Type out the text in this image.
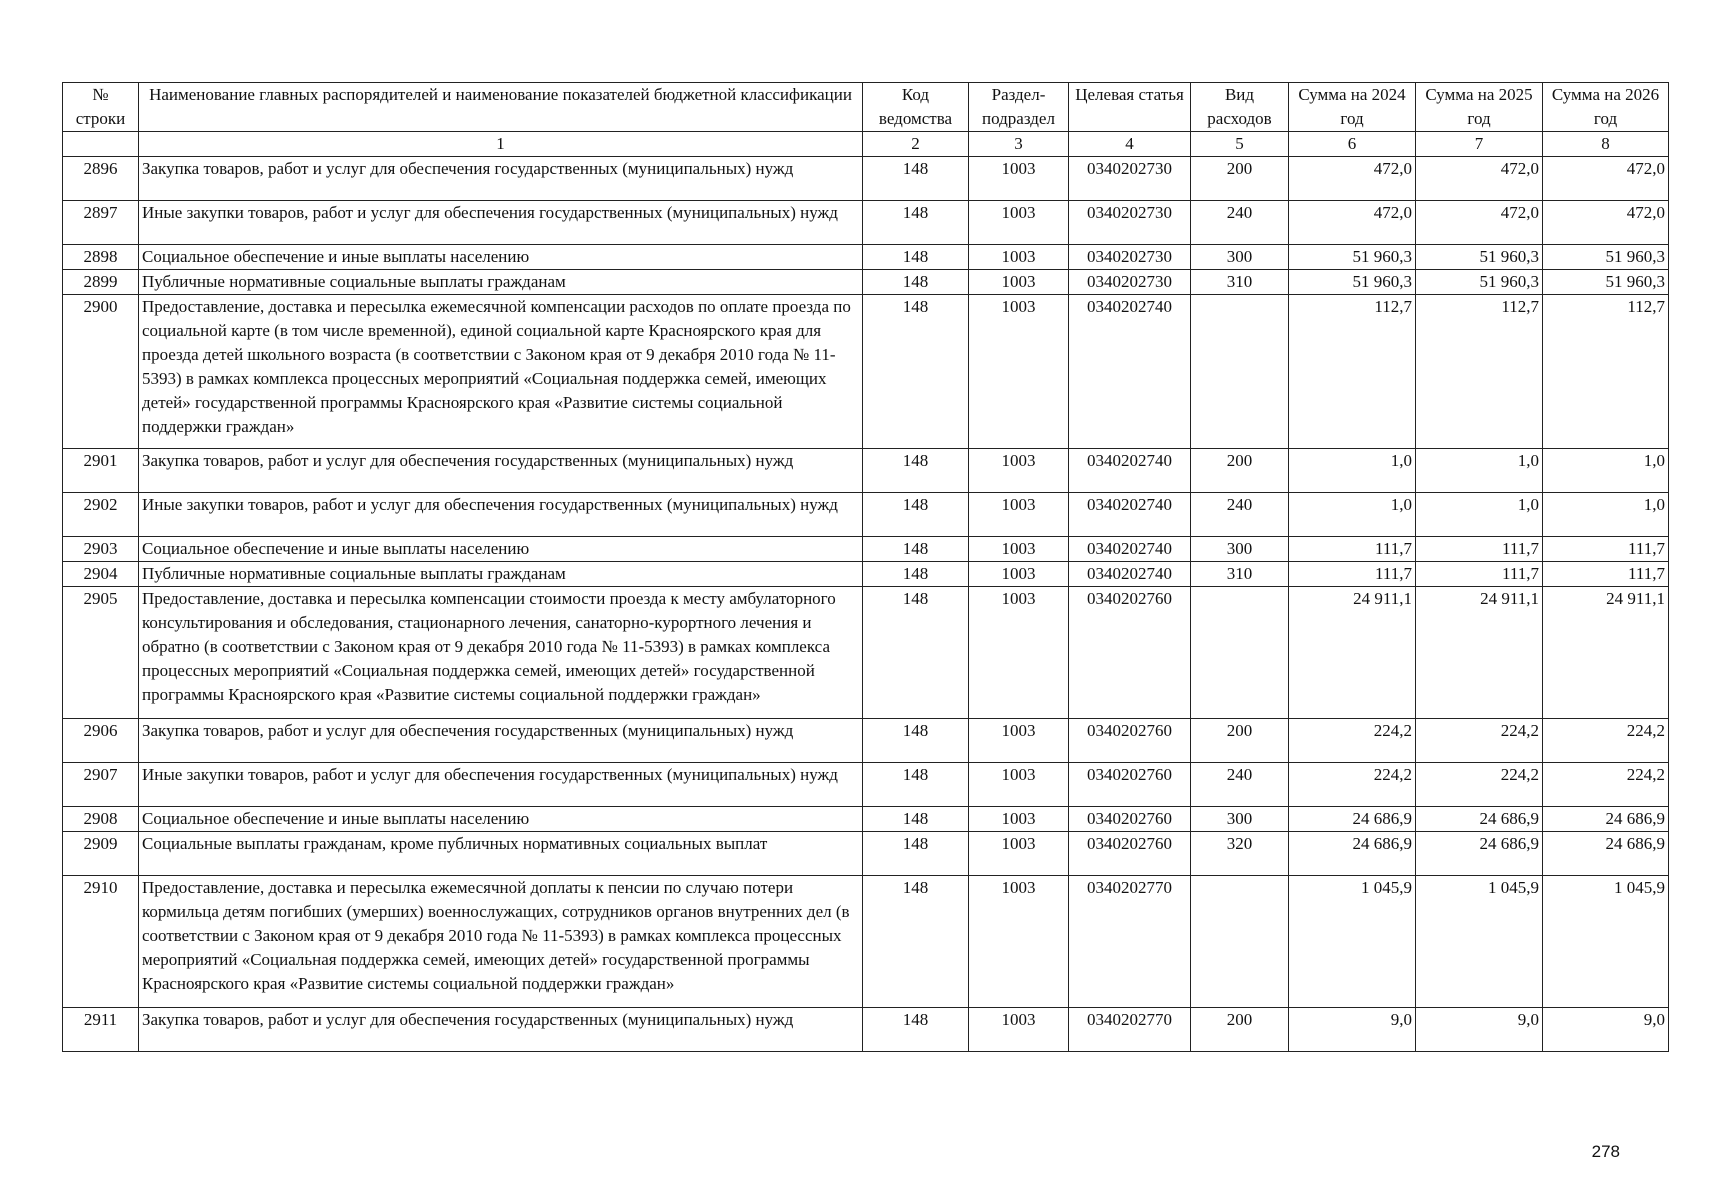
№ строки	Наименование главных распорядителей и наименование показателей бюджетной классификации	Код ведомства	Раздел-подраздел	Целевая статья	Вид расходов	Сумма на 2024 год	Сумма на 2025 год	Сумма на 2026 год
	1	2	3	4	5	6	7	8
2896	Закупка товаров, работ и услуг для обеспечения государственных (муниципальных) нужд	148	1003	0340202730	200	472,0	472,0	472,0
2897	Иные закупки товаров, работ и услуг для обеспечения государственных (муниципальных) нужд	148	1003	0340202730	240	472,0	472,0	472,0
2898	Социальное обеспечение и иные выплаты населению	148	1003	0340202730	300	51 960,3	51 960,3	51 960,3
2899	Публичные нормативные социальные выплаты гражданам	148	1003	0340202730	310	51 960,3	51 960,3	51 960,3
2900	Предоставление, доставка и пересылка ежемесячной компенсации расходов по оплате проезда по социальной карте (в том числе временной), единой социальной карте Красноярского края для проезда детей школьного возраста (в соответствии с Законом края от 9 декабря 2010 года № 11-5393) в рамках комплекса процессных мероприятий «Социальная поддержка семей, имеющих детей» государственной программы Красноярского края «Развитие системы социальной поддержки граждан»	148	1003	0340202740		112,7	112,7	112,7
2901	Закупка товаров, работ и услуг для обеспечения государственных (муниципальных) нужд	148	1003	0340202740	200	1,0	1,0	1,0
2902	Иные закупки товаров, работ и услуг для обеспечения государственных (муниципальных) нужд	148	1003	0340202740	240	1,0	1,0	1,0
2903	Социальное обеспечение и иные выплаты населению	148	1003	0340202740	300	111,7	111,7	111,7
2904	Публичные нормативные социальные выплаты гражданам	148	1003	0340202740	310	111,7	111,7	111,7
2905	Предоставление, доставка и пересылка компенсации стоимости проезда к месту амбулаторного консультирования и обследования, стационарного лечения, санаторно-курортного лечения и обратно (в соответствии с Законом края от 9 декабря 2010 года № 11-5393) в рамках комплекса процессных мероприятий «Социальная поддержка семей, имеющих детей» государственной программы Красноярского края «Развитие системы социальной поддержки граждан»	148	1003	0340202760		24 911,1	24 911,1	24 911,1
2906	Закупка товаров, работ и услуг для обеспечения государственных (муниципальных) нужд	148	1003	0340202760	200	224,2	224,2	224,2
2907	Иные закупки товаров, работ и услуг для обеспечения государственных (муниципальных) нужд	148	1003	0340202760	240	224,2	224,2	224,2
2908	Социальное обеспечение и иные выплаты населению	148	1003	0340202760	300	24 686,9	24 686,9	24 686,9
2909	Социальные выплаты гражданам, кроме публичных нормативных социальных выплат	148	1003	0340202760	320	24 686,9	24 686,9	24 686,9
2910	Предоставление, доставка и пересылка ежемесячной доплаты к пенсии по случаю потери кормильца детям погибших (умерших) военнослужащих, сотрудников органов внутренних дел (в соответствии с Законом края от 9 декабря 2010 года № 11-5393) в рамках комплекса процессных мероприятий «Социальная поддержка семей, имеющих детей» государственной программы Красноярского края «Развитие системы социальной поддержки граждан»	148	1003	0340202770		1 045,9	1 045,9	1 045,9
2911	Закупка товаров, работ и услуг для обеспечения государственных (муниципальных) нужд	148	1003	0340202770	200	9,0	9,0	9,0
278
